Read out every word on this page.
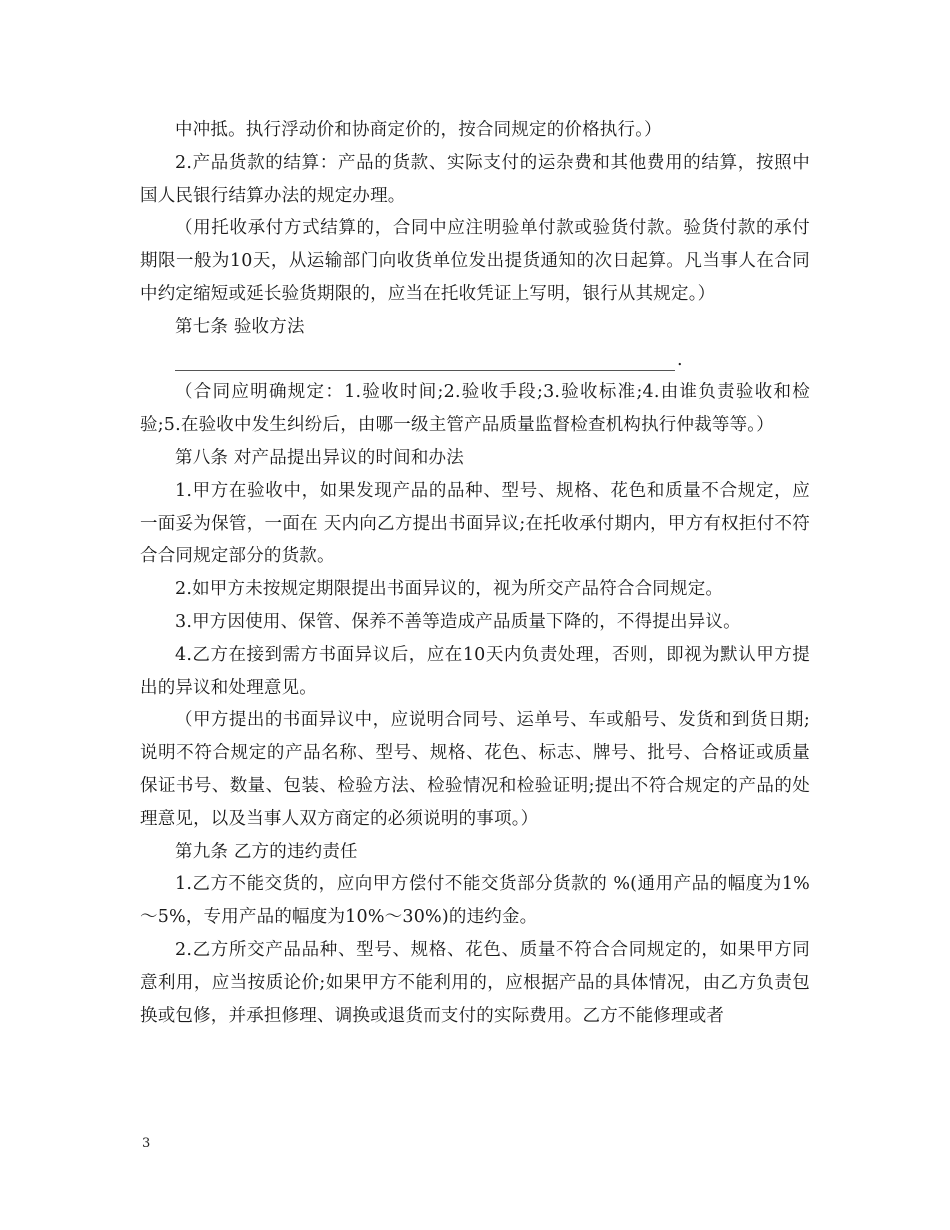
中冲抵。执行浮动价和协商定价的，按合同规定的价格执行。）

2.产品货款的结算：产品的货款、实际支付的运杂费和其他费用的结算，按照中国人民银行结算办法的规定办理。

（用托收承付方式结算的，合同中应注明验单付款或验货付款。验货付款的承付期限一般为10天，从运输部门向收货单位发出提货通知的次日起算。凡当事人在合同中约定缩短或延长验货期限的，应当在托收凭证上写明，银行从其规定。）

第七条 验收方法

.

（合同应明确规定：1.验收时间;2.验收手段;3.验收标准;4.由谁负责验收和检验;5.在验收中发生纠纷后，由哪一级主管产品质量监督检查机构执行仲裁等等。）

第八条 对产品提出异议的时间和办法

1.甲方在验收中，如果发现产品的品种、型号、规格、花色和质量不合规定，应一面妥为保管，一面在 天内向乙方提出书面异议;在托收承付期内，甲方有权拒付不符合合同规定部分的货款。

2.如甲方未按规定期限提出书面异议的，视为所交产品符合合同规定。

3.甲方因使用、保管、保养不善等造成产品质量下降的，不得提出异议。

4.乙方在接到需方书面异议后，应在10天内负责处理，否则，即视为默认甲方提出的异议和处理意见。

（甲方提出的书面异议中，应说明合同号、运单号、车或船号、发货和到货日期;说明不符合规定的产品名称、型号、规格、花色、标志、牌号、批号、合格证或质量保证书号、数量、包装、检验方法、检验情况和检验证明;提出不符合规定的产品的处理意见，以及当事人双方商定的必须说明的事项。）

第九条 乙方的违约责任

1.乙方不能交货的，应向甲方偿付不能交货部分货款的 %(通用产品的幅度为1%～5%，专用产品的幅度为10%～30%)的违约金。

2.乙方所交产品品种、型号、规格、花色、质量不符合合同规定的，如果甲方同意利用，应当按质论价;如果甲方不能利用的，应根据产品的具体情况，由乙方负责包换或包修，并承担修理、调换或退货而支付的实际费用。乙方不能修理或者

3
